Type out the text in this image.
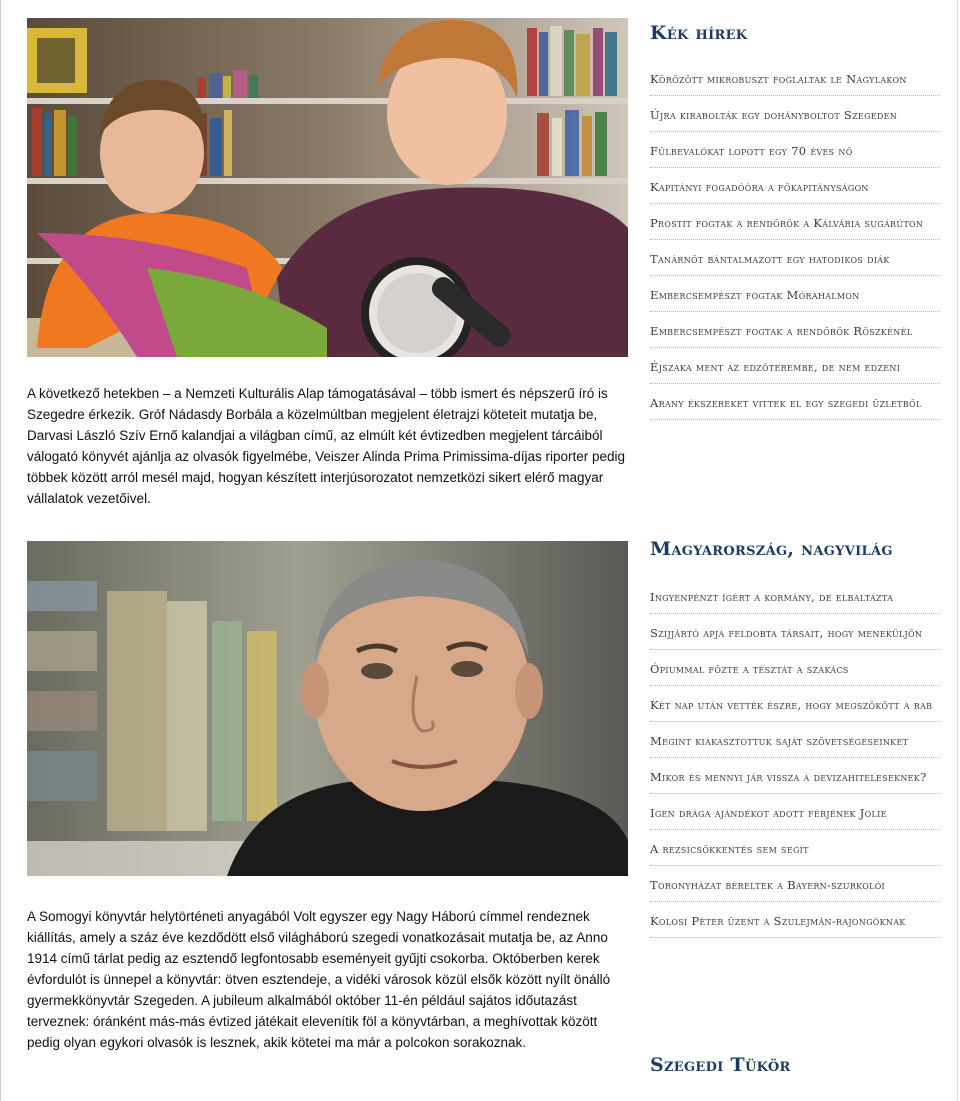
A következő hetekben – a Nemzeti Kulturális Alap támogatásával – több ismert és népszerű író is Szegedre érkezik. Gróf Nádasdy Borbála a közelmúltban megjelent életrajzi köteteit mutatja be, Darvasi László Szív Ernő kalandjai a világban című, az elmúlt két évtizedben megjelent tárcáiból válogató könyvét ajánlja az olvasók figyelmébe, Veiszer Alinda Prima Primissima-díjas riporter pedig többek között arról mesél majd, hogyan készített interjúsorozatot nemzetközi sikert elérő magyar vállalatok vezetőivel.
A Somogyi könyvtár helytörténeti anyagából Volt egyszer egy Nagy Háború címmel rendeznek kiállítás, amely a száz éve kezdődött első világháború szegedi vonatkozásait mutatja be, az Anno 1914 című tárlat pedig az esztendő legfontosabb eseményeit gyűjti csokorba. Októberben kerek évfordulót is ünnepel a könyvtár: ötven esztendeje, a vidéki városok közül elsők között nyílt önálló gyermekkönyvtár Szegeden. A jubileum alkalmából október 11-én például sajátos időutazást terveznek: óránként más-más évtized játékait elevenítik föl a könyvtárban, a meghívottak között pedig olyan egykori olvasók is lesznek, akik kötetei ma már a polcokon sorakoznak.
Kék hírek
Körözött mikrobuszt foglaltak le Nagylakon
Újra kirabolták egy dohányboltot Szegeden
Fülbevalókat lopott egy 70 éves nő
Kapitányi fogadóóra a főkapitányságon
Prostit fogtak a rendőrök a Kálvária sugárúton
Tanárnőt bántalmazott egy hatodikos diák
Embercsempészt fogtak Mórahalmon
Embercsempészt fogtak a rendőrök Röszkénél
Éjszaka ment az edzőterembe, de nem edzeni
Arany ékszereket vittek el egy szegedi üzletből
Magyarország, nagyvilág
Ingyenpénzt ígért a kormány, de elbaltázta
Szijjártó apja feldobta társait, hogy meneküljön
Ópiummal főzte a tésztát a szakács
Két nap után vették észre, hogy megszökött a rab
Megint kiakasztottuk saját szövetségeseinket
Mikor és mennyi jár vissza a devizahiteleseknek?
Igen drága ajándékot adott férjének Jolie
A rezsicsökkentés sem segít
Toronyházat béreltek a Bayern-szurkolói
Kolosi Péter üzent a Szulejmán-rajongóknak
Szegedi Tükör
